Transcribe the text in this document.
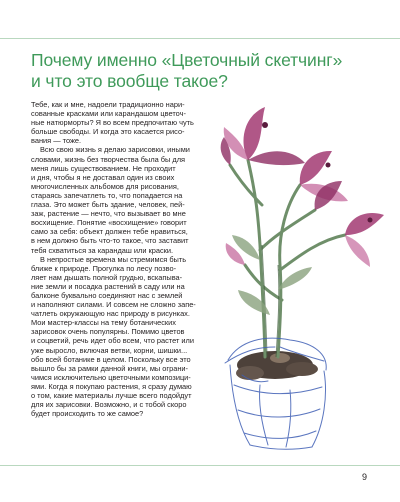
Почему именно «Цветочный скетчинг»
и что это вообще такое?
Тебе, как и мне, надоели традиционно нари-
сованные красками или карандашом цветоч-
ные натюрморты? Я во всем предпочитаю чуть
больше свободы. И когда это касается рисо-
вания — тоже.
Всю свою жизнь я делаю зарисовки, иными
словами, жизнь без творчества была бы для
меня лишь существованием. Не проходит
и дня, чтобы я не доставал один из своих
многочисленных альбомов для рисования,
стараясь запечатлеть то, что попадается на
глаза. Это может быть здание, человек, пей-
заж, растение — нечто, что вызывает во мне
восхищение. Понятие «восхищение» говорит
само за себя: объект должен тебе нравиться,
в нем должно быть что-то такое, что заставит
тебя схватиться за карандаш или краски.
В непростые времена мы стремимся быть
ближе к природе. Прогулка по лесу позво-
ляет нам дышать полной грудью, вскапыва-
ние земли и посадка растений в саду или на
балконе буквально соединяют нас с землей
и наполняют силами. И совсем не сложно запе-
чатлеть окружающую нас природу в рисунках.
Мои мастер-классы на тему ботанических
зарисовок очень популярны. Помимо цветов
и соцветий, речь идет обо всем, что растет или
уже выросло, включая ветви, корни, шишки...
обо всей ботанике в целом. Поскольку все это
вышло бы за рамки данной книги, мы ограни-
чимся исключительно цветочными композици-
ями. Когда я покупаю растения, я сразу думаю
о том, какие материалы лучше всего подойдут
для их зарисовки. Возможно, и с тобой скоро
будет происходить то же самое?
9
